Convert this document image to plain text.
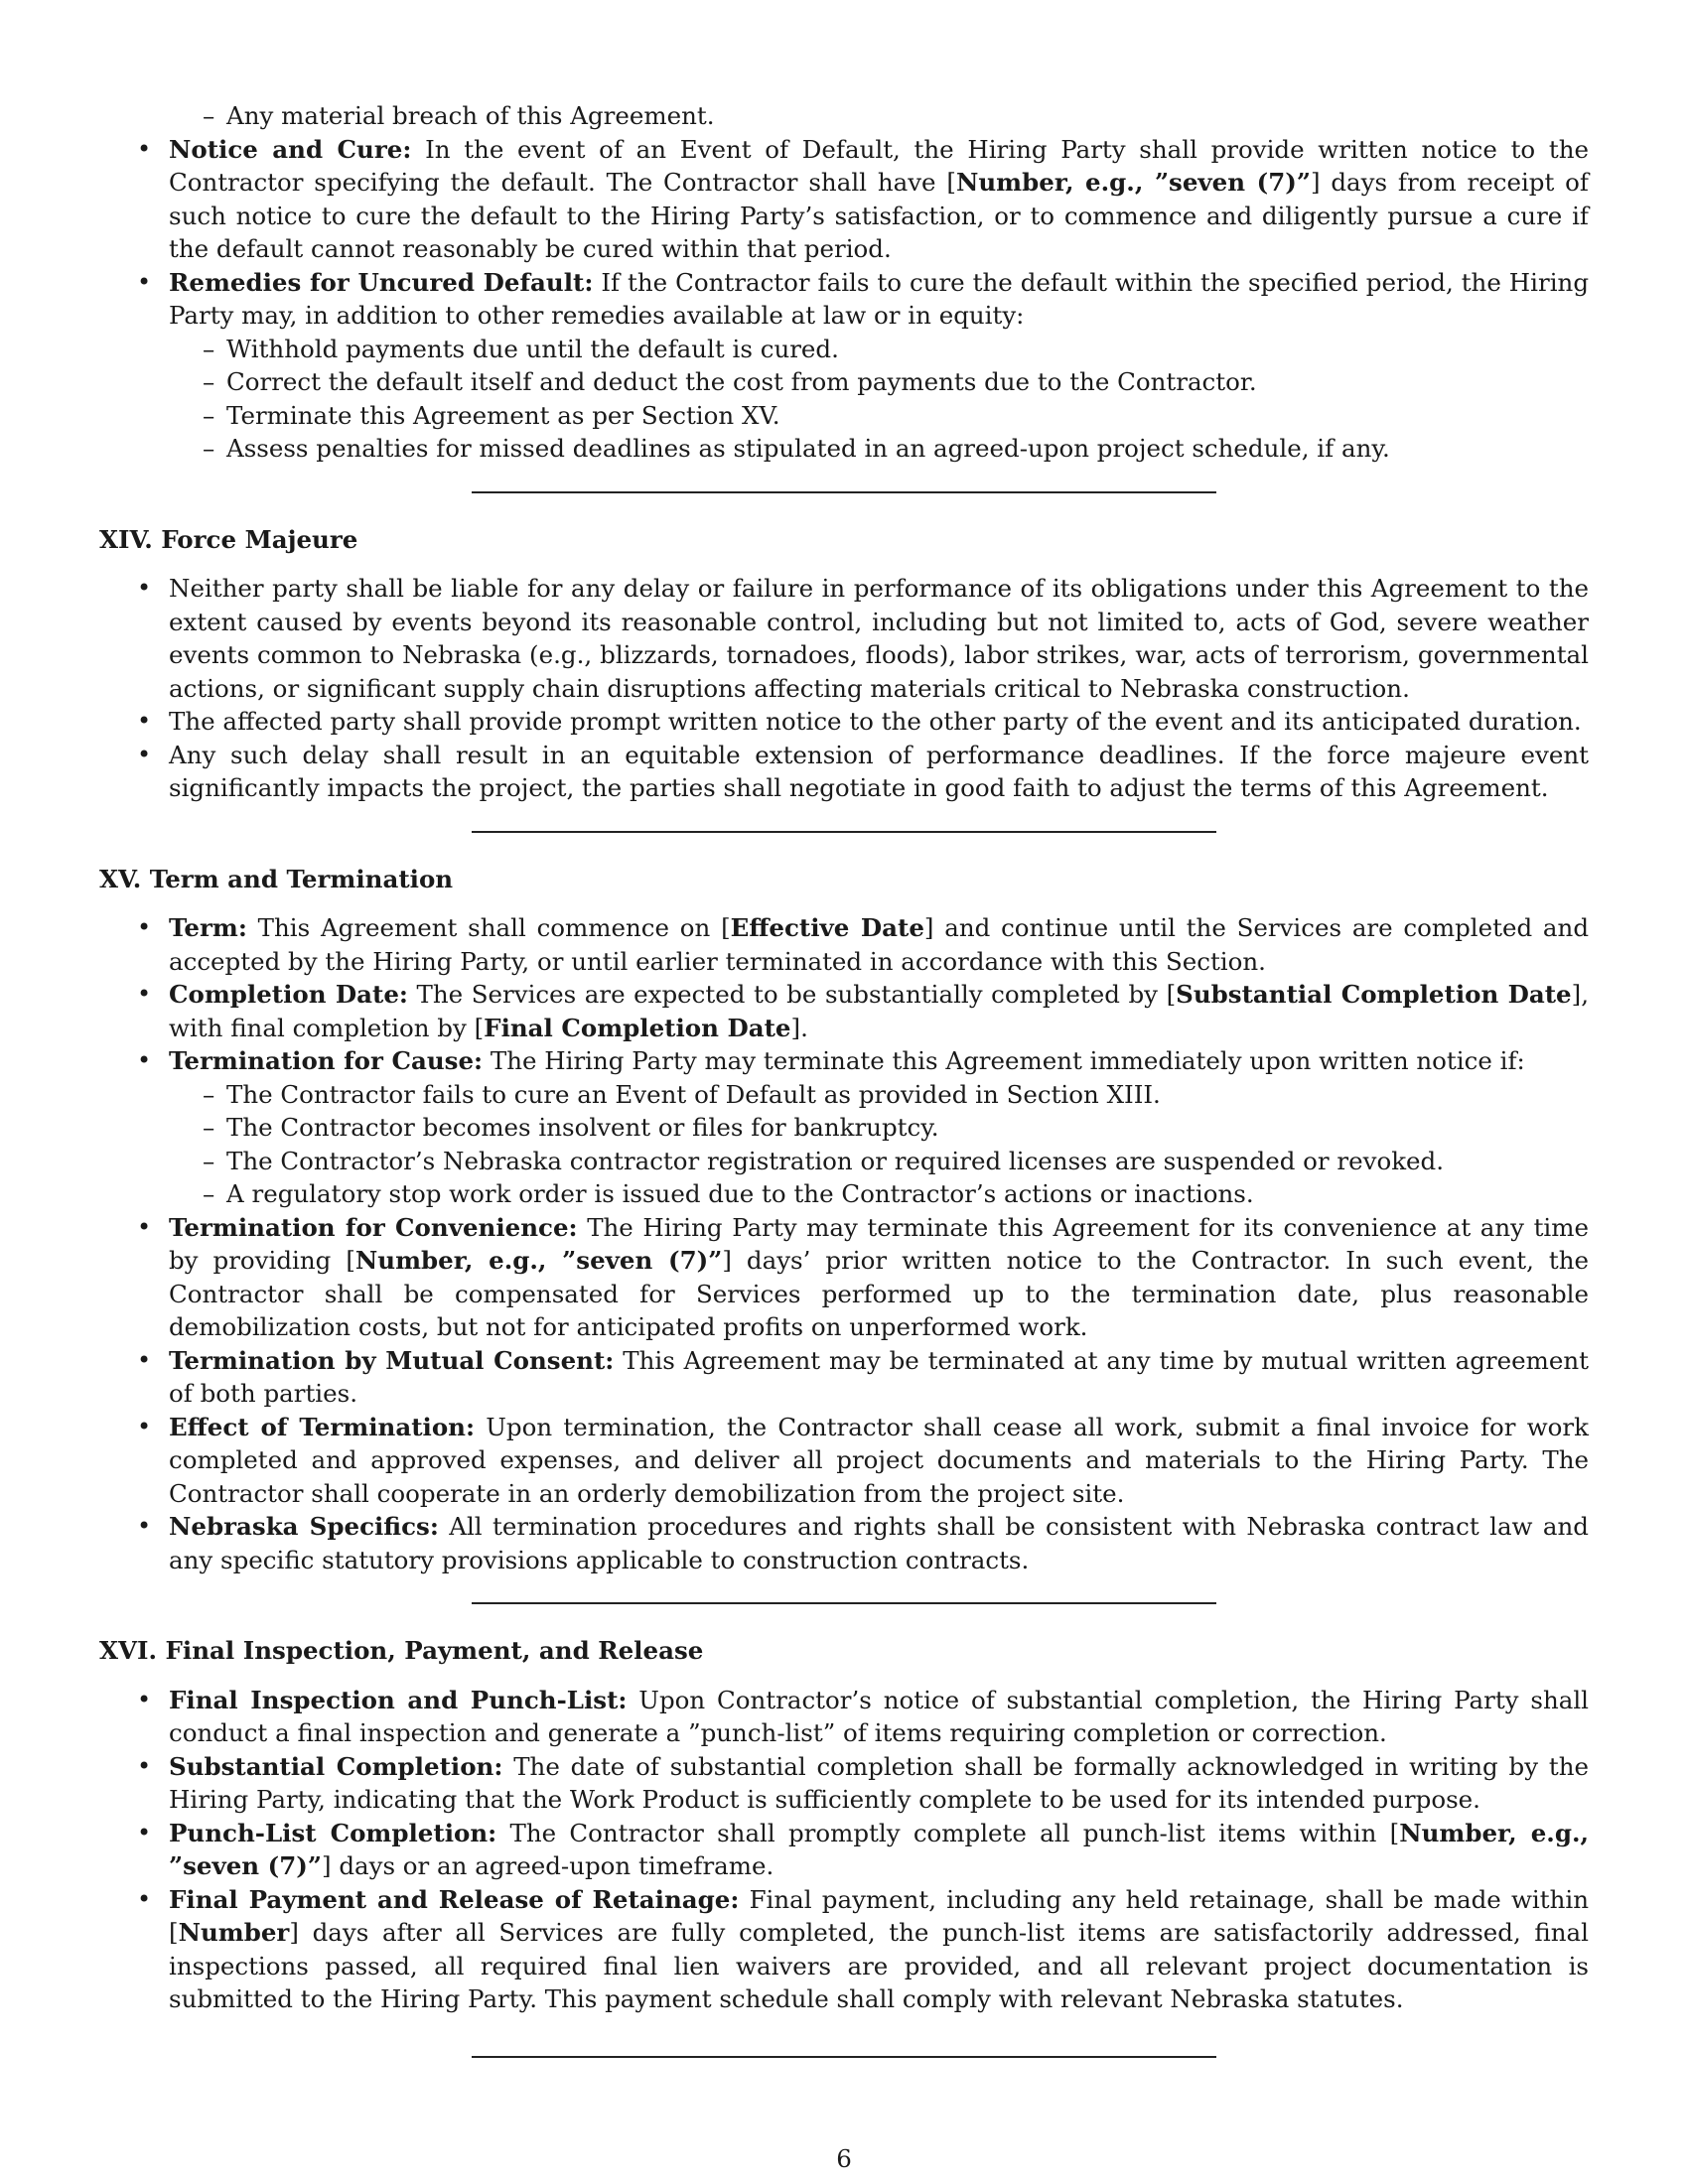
– Any material breach of this Agreement.
• Notice and Cure: In the event of an Event of Default, the Hiring Party shall provide written notice to the Contractor specifying the default. The Contractor shall have [Number, e.g., ”seven (7)”] days from receipt of such notice to cure the default to the Hiring Party’s satisfaction, or to commence and diligently pursue a cure if the default cannot reasonably be cured within that period.
• Remedies for Uncured Default: If the Contractor fails to cure the default within the specified period, the Hiring Party may, in addition to other remedies available at law or in equity:
– Withhold payments due until the default is cured.
– Correct the default itself and deduct the cost from payments due to the Contractor.
– Terminate this Agreement as per Section XV.
– Assess penalties for missed deadlines as stipulated in an agreed-upon project schedule, if any.
XIV. Force Majeure
• Neither party shall be liable for any delay or failure in performance of its obligations under this Agreement to the extent caused by events beyond its reasonable control, including but not limited to, acts of God, severe weather events common to Nebraska (e.g., blizzards, tornadoes, floods), labor strikes, war, acts of terrorism, governmental actions, or significant supply chain disruptions affecting materials critical to Nebraska construction.
• The affected party shall provide prompt written notice to the other party of the event and its anticipated duration.
• Any such delay shall result in an equitable extension of performance deadlines. If the force majeure event significantly impacts the project, the parties shall negotiate in good faith to adjust the terms of this Agreement.
XV. Term and Termination
• Term: This Agreement shall commence on [Effective Date] and continue until the Services are completed and accepted by the Hiring Party, or until earlier terminated in accordance with this Section.
• Completion Date: The Services are expected to be substantially completed by [Substantial Completion Date], with final completion by [Final Completion Date].
• Termination for Cause: The Hiring Party may terminate this Agreement immediately upon written notice if:
– The Contractor fails to cure an Event of Default as provided in Section XIII.
– The Contractor becomes insolvent or files for bankruptcy.
– The Contractor’s Nebraska contractor registration or required licenses are suspended or revoked.
– A regulatory stop work order is issued due to the Contractor’s actions or inactions.
• Termination for Convenience: The Hiring Party may terminate this Agreement for its convenience at any time by providing [Number, e.g., ”seven (7)”] days’ prior written notice to the Contractor. In such event, the Contractor shall be compensated for Services performed up to the termination date, plus reasonable demobilization costs, but not for anticipated profits on unperformed work.
• Termination by Mutual Consent: This Agreement may be terminated at any time by mutual written agreement of both parties.
• Effect of Termination: Upon termination, the Contractor shall cease all work, submit a final invoice for work completed and approved expenses, and deliver all project documents and materials to the Hiring Party. The Contractor shall cooperate in an orderly demobilization from the project site.
• Nebraska Specifics: All termination procedures and rights shall be consistent with Nebraska contract law and any specific statutory provisions applicable to construction contracts.
XVI. Final Inspection, Payment, and Release
• Final Inspection and Punch-List: Upon Contractor’s notice of substantial completion, the Hiring Party shall conduct a final inspection and generate a ”punch-list” of items requiring completion or correction.
• Substantial Completion: The date of substantial completion shall be formally acknowledged in writing by the Hiring Party, indicating that the Work Product is sufficiently complete to be used for its intended purpose.
• Punch-List Completion: The Contractor shall promptly complete all punch-list items within [Number, e.g., ”seven (7)”] days or an agreed-upon timeframe.
• Final Payment and Release of Retainage: Final payment, including any held retainage, shall be made within [Number] days after all Services are fully completed, the punch-list items are satisfactorily addressed, final inspections passed, all required final lien waivers are provided, and all relevant project documentation is submitted to the Hiring Party. This payment schedule shall comply with relevant Nebraska statutes.
6
